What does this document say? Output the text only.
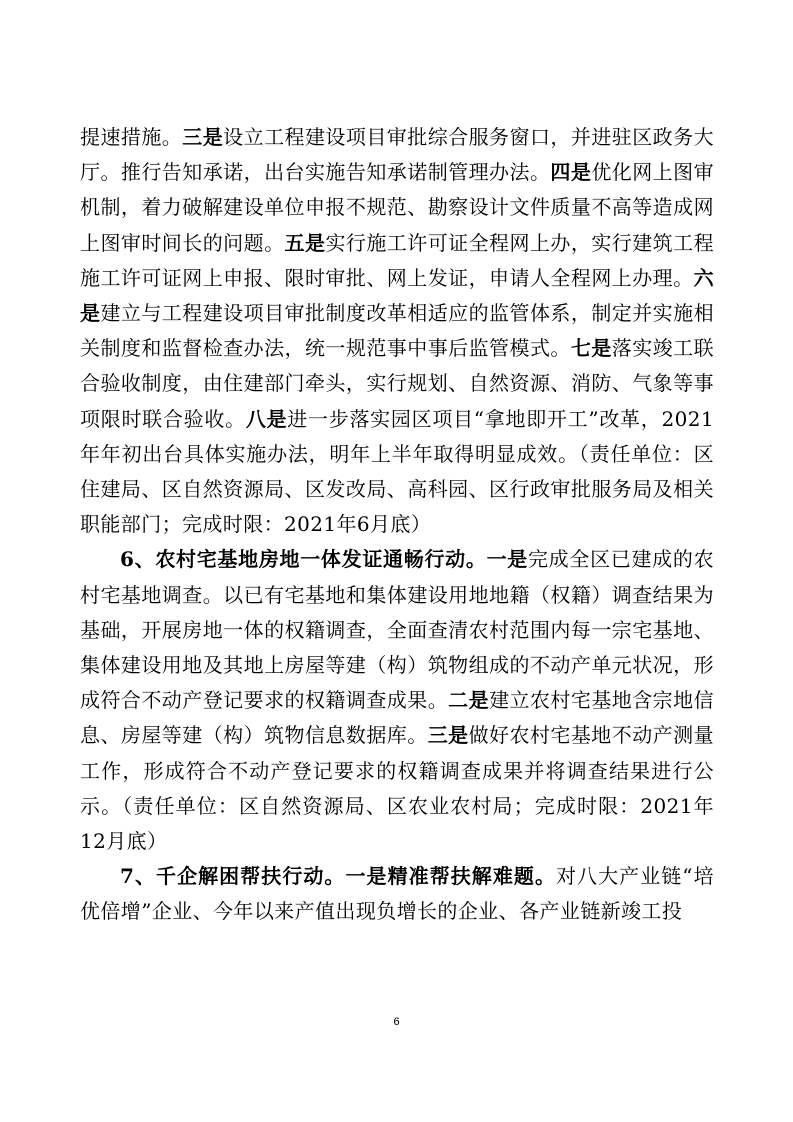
提速措施。三是设立工程建设项目审批综合服务窗口，并进驻区政务大厅。推行告知承诺，出台实施告知承诺制管理办法。四是优化网上图审机制，着力破解建设单位申报不规范、勘察设计文件质量不高等造成网上图审时间长的问题。五是实行施工许可证全程网上办，实行建筑工程施工许可证网上申报、限时审批、网上发证，申请人全程网上办理。六是建立与工程建设项目审批制度改革相适应的监管体系，制定并实施相关制度和监督检查办法，统一规范事中事后监管模式。七是落实竣工联合验收制度，由住建部门牵头，实行规划、自然资源、消防、气象等事项限时联合验收。八是进一步落实园区项目“拿地即开工”改革，2021年年初出台具体实施办法，明年上半年取得明显成效。（责任单位：区住建局、区自然资源局、区发改局、高科园、区行政审批服务局及相关职能部门；完成时限：2021年6月底）

6、农村宅基地房地一体发证通畅行动。一是完成全区已建成的农村宅基地调查。以已有宅基地和集体建设用地地籍（权籍）调查结果为基础，开展房地一体的权籍调查，全面查清农村范围内每一宗宅基地、集体建设用地及其地上房屋等建（构）筑物组成的不动产单元状况，形成符合不动产登记要求的权籍调查成果。二是建立农村宅基地含宗地信息、房屋等建（构）筑物信息数据库。三是做好农村宅基地不动产测量工作，形成符合不动产登记要求的权籍调查成果并将调查结果进行公示。（责任单位：区自然资源局、区农业农村局；完成时限：2021年12月底）

7、千企解困帮扶行动。一是精准帮扶解难题。对八大产业链“培优倍增”企业、今年以来产值出现负增长的企业、各产业链新竣工投

6
